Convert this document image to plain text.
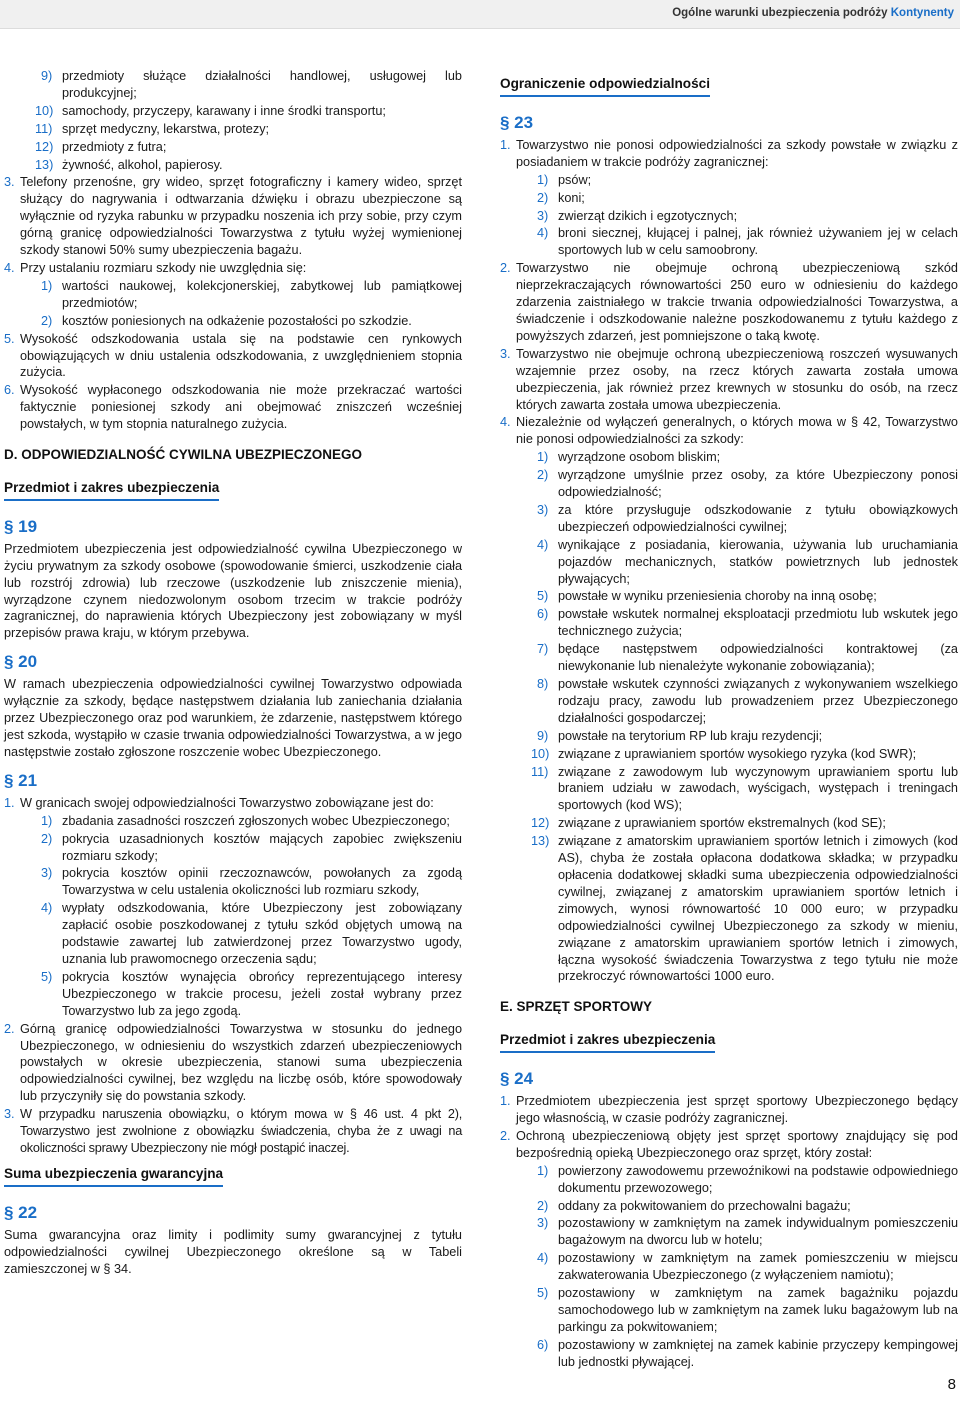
Ogólne warunki ubezpieczenia podróży Kontynenty
9) przedmioty służące działalności handlowej, usługowej lub produkcyjnej;
10) samochody, przyczepy, karawany i inne środki transportu;
11) sprzęt medyczny, lekarstwa, protezy;
12) przedmioty z futra;
13) żywność, alkohol, papierosy.
3. Telefony przenośne, gry wideo, sprzęt fotograficzny i kamery wideo, sprzęt służący do nagrywania i odtwarzania dźwięku i obrazu ubezpieczone są wyłącznie od ryzyka rabunku w przypadku noszenia ich przy sobie, przy czym górną granicę odpowiedzialności Towarzystwa z tytułu wyżej wymienionej szkody stanowi 50% sumy ubezpieczenia bagażu.
4. Przy ustalaniu rozmiaru szkody nie uwzględnia się:
1) wartości naukowej, kolekcjonerskiej, zabytkowej lub pamiątkowej przedmiotów;
2) kosztów poniesionych na odkażenie pozostałości po szkodzie.
5. Wysokość odszkodowania ustala się na podstawie cen rynkowych obowiązujących w dniu ustalenia odszkodowania, z uwzględnieniem stopnia zużycia.
6. Wysokość wypłaconego odszkodowania nie może przekraczać wartości faktycznie poniesionej szkody ani obejmować zniszczeń wcześniej powstałych, w tym stopnia naturalnego zużycia.
D. ODPOWIEDZIALNOŚĆ CYWILNA UBEZPIECZONEGO
Przedmiot i zakres ubezpieczenia
§ 19
Przedmiotem ubezpieczenia jest odpowiedzialność cywilna Ubezpieczonego w życiu prywatnym za szkody osobowe (spowodowanie śmierci, uszkodzenie ciała lub rozstrój zdrowia) lub rzeczowe (uszkodzenie lub zniszczenie mienia), wyrządzone czynem niedozwolonym osobom trzecim w trakcie podróży zagranicznej, do naprawienia których Ubezpieczony jest zobowiązany w myśl przepisów prawa kraju, w którym przebywa.
§ 20
W ramach ubezpieczenia odpowiedzialności cywilnej Towarzystwo odpowiada wyłącznie za szkody, będące następstwem działania lub zaniechania działania przez Ubezpieczonego oraz pod warunkiem, że zdarzenie, następstwem którego jest szkoda, wystąpiło w czasie trwania odpowiedzialności Towarzystwa, a w jego następstwie zostało zgłoszone roszczenie wobec Ubezpieczonego.
§ 21
1. W granicach swojej odpowiedzialności Towarzystwo zobowiązane jest do:
1) zbadania zasadności roszczeń zgłoszonych wobec Ubezpieczonego;
2) pokrycia uzasadnionych kosztów mających zapobiec zwiększeniu rozmiaru szkody;
3) pokrycia kosztów opinii rzeczoznawców, powołanych za zgodą Towarzystwa w celu ustalenia okoliczności lub rozmiaru szkody,
4) wypłaty odszkodowania, które Ubezpieczony jest zobowiązany zapłacić osobie poszkodowanej z tytułu szkód objętych umową na podstawie zawartej lub zatwierdzonej przez Towarzystwo ugody, uznania lub prawomocnego orzeczenia sądu;
5) pokrycia kosztów wynajęcia obrońcy reprezentującego interesy Ubezpieczonego w trakcie procesu, jeżeli został wybrany przez Towarzystwo lub za jego zgodą.
2. Górną granicę odpowiedzialności Towarzystwa w stosunku do jednego Ubezpieczonego, w odniesieniu do wszystkich zdarzeń ubezpieczeniowych powstałych w okresie ubezpieczenia, stanowi suma ubezpieczenia odpowiedzialności cywilnej, bez względu na liczbę osób, które spowodowały lub przyczyniły się do powstania szkody.
3. W przypadku naruszenia obowiązku, o którym mowa w § 46 ust. 4 pkt 2), Towarzystwo jest zwolnione z obowiązku świadczenia, chyba że z uwagi na okoliczności sprawy Ubezpieczony nie mógł postąpić inaczej.
Suma ubezpieczenia gwarancyjna
§ 22
Suma gwarancyjna oraz limity i podlimity sumy gwarancyjnej z tytułu odpowiedzialności cywilnej Ubezpieczonego określone są w Tabeli zamieszczonej w § 34.
Ograniczenie odpowiedzialności
§ 23
1. Towarzystwo nie ponosi odpowiedzialności za szkody powstałe w związku z posiadaniem w trakcie podróży zagranicznej:
1) psów;
2) koni;
3) zwierząt dzikich i egzotycznych;
4) broni siecznej, kłującej i palnej, jak również używaniem jej w celach sportowych lub w celu samoobrony.
2. Towarzystwo nie obejmuje ochroną ubezpieczeniową szkód nieprzekraczających równowartości 250 euro w odniesieniu do każdego zdarzenia zaistniałego w trakcie trwania odpowiedzialności Towarzystwa, a świadczenie i odszkodowanie należne poszkodowanemu z tytułu każdego z powyższych zdarzeń, jest pomniejszone o taką kwotę.
3. Towarzystwo nie obejmuje ochroną ubezpieczeniową roszczeń wysuwanych wzajemnie przez osoby, na rzecz których zawarta została umowa ubezpieczenia, jak również przez krewnych w stosunku do osób, na rzecz których zawarta została umowa ubezpieczenia.
4. Niezależnie od wyłączeń generalnych, o których mowa w § 42, Towarzystwo nie ponosi odpowiedzialności za szkody:
1) wyrządzone osobom bliskim;
2) wyrządzone umyślnie przez osoby, za które Ubezpieczony ponosi odpowiedzialność;
3) za które przysługuje odszkodowanie z tytułu obowiązkowych ubezpieczeń odpowiedzialności cywilnej;
4) wynikające z posiadania, kierowania, używania lub uruchamiania pojazdów mechanicznych, statków powietrznych lub jednostek pływających;
5) powstałe w wyniku przeniesienia choroby na inną osobę;
6) powstałe wskutek normalnej eksploatacji przedmiotu lub wskutek jego technicznego zużycia;
7) będące następstwem odpowiedzialności kontraktowej (za niewykonanie lub nienależyte wykonanie zobowiązania);
8) powstałe wskutek czynności związanych z wykonywaniem wszelkiego rodzaju pracy, zawodu lub prowadzeniem przez Ubezpieczonego działalności gospodarczej;
9) powstałe na terytorium RP lub kraju rezydencji;
10) związane z uprawianiem sportów wysokiego ryzyka (kod SWR);
11) związane z zawodowym lub wyczynowym uprawianiem sportu lub braniem udziału w zawodach, wyścigach, występach i treningach sportowych (kod WS);
12) związane z uprawianiem sportów ekstremalnych (kod SE);
13) związane z amatorskim uprawianiem sportów letnich i zimowych (kod AS), chyba że została opłacona dodatkowa składka; w przypadku opłacenia dodatkowej składki suma ubezpieczenia odpowiedzialności cywilnej, związanej z amatorskim uprawianiem sportów letnich i zimowych, wynosi równowartość 10 000 euro; w przypadku odpowiedzialności cywilnej Ubezpieczonego za szkody w mieniu, związane z amatorskim uprawianiem sportów letnich i zimowych, łączna wysokość świadczenia Towarzystwa z tego tytułu nie może przekroczyć równowartości 1000 euro.
E. SPRZĘT SPORTOWY
Przedmiot i zakres ubezpieczenia
§ 24
1. Przedmiotem ubezpieczenia jest sprzęt sportowy Ubezpieczonego będący jego własnością, w czasie podróży zagranicznej.
2. Ochroną ubezpieczeniową objęty jest sprzęt sportowy znajdujący się pod bezpośrednią opieką Ubezpieczonego oraz sprzęt, który został:
1) powierzony zawodowemu przewoźnikowi na podstawie odpowiedniego dokumentu przewozowego;
2) oddany za pokwitowaniem do przechowalni bagażu;
3) pozostawiony w zamkniętym na zamek indywidualnym pomieszczeniu bagażowym na dworcu lub w hotelu;
4) pozostawiony w zamkniętym na zamek pomieszczeniu w miejscu zakwaterowania Ubezpieczonego (z wyłączeniem namiotu);
5) pozostawiony w zamkniętym na zamek bagażniku pojazdu samochodowego lub w zamkniętym na zamek luku bagażowym lub na parkingu za pokwitowaniem;
6) pozostawiony w zamkniętej na zamek kabinie przyczepy kempingowej lub jednostki pływającej.
8
